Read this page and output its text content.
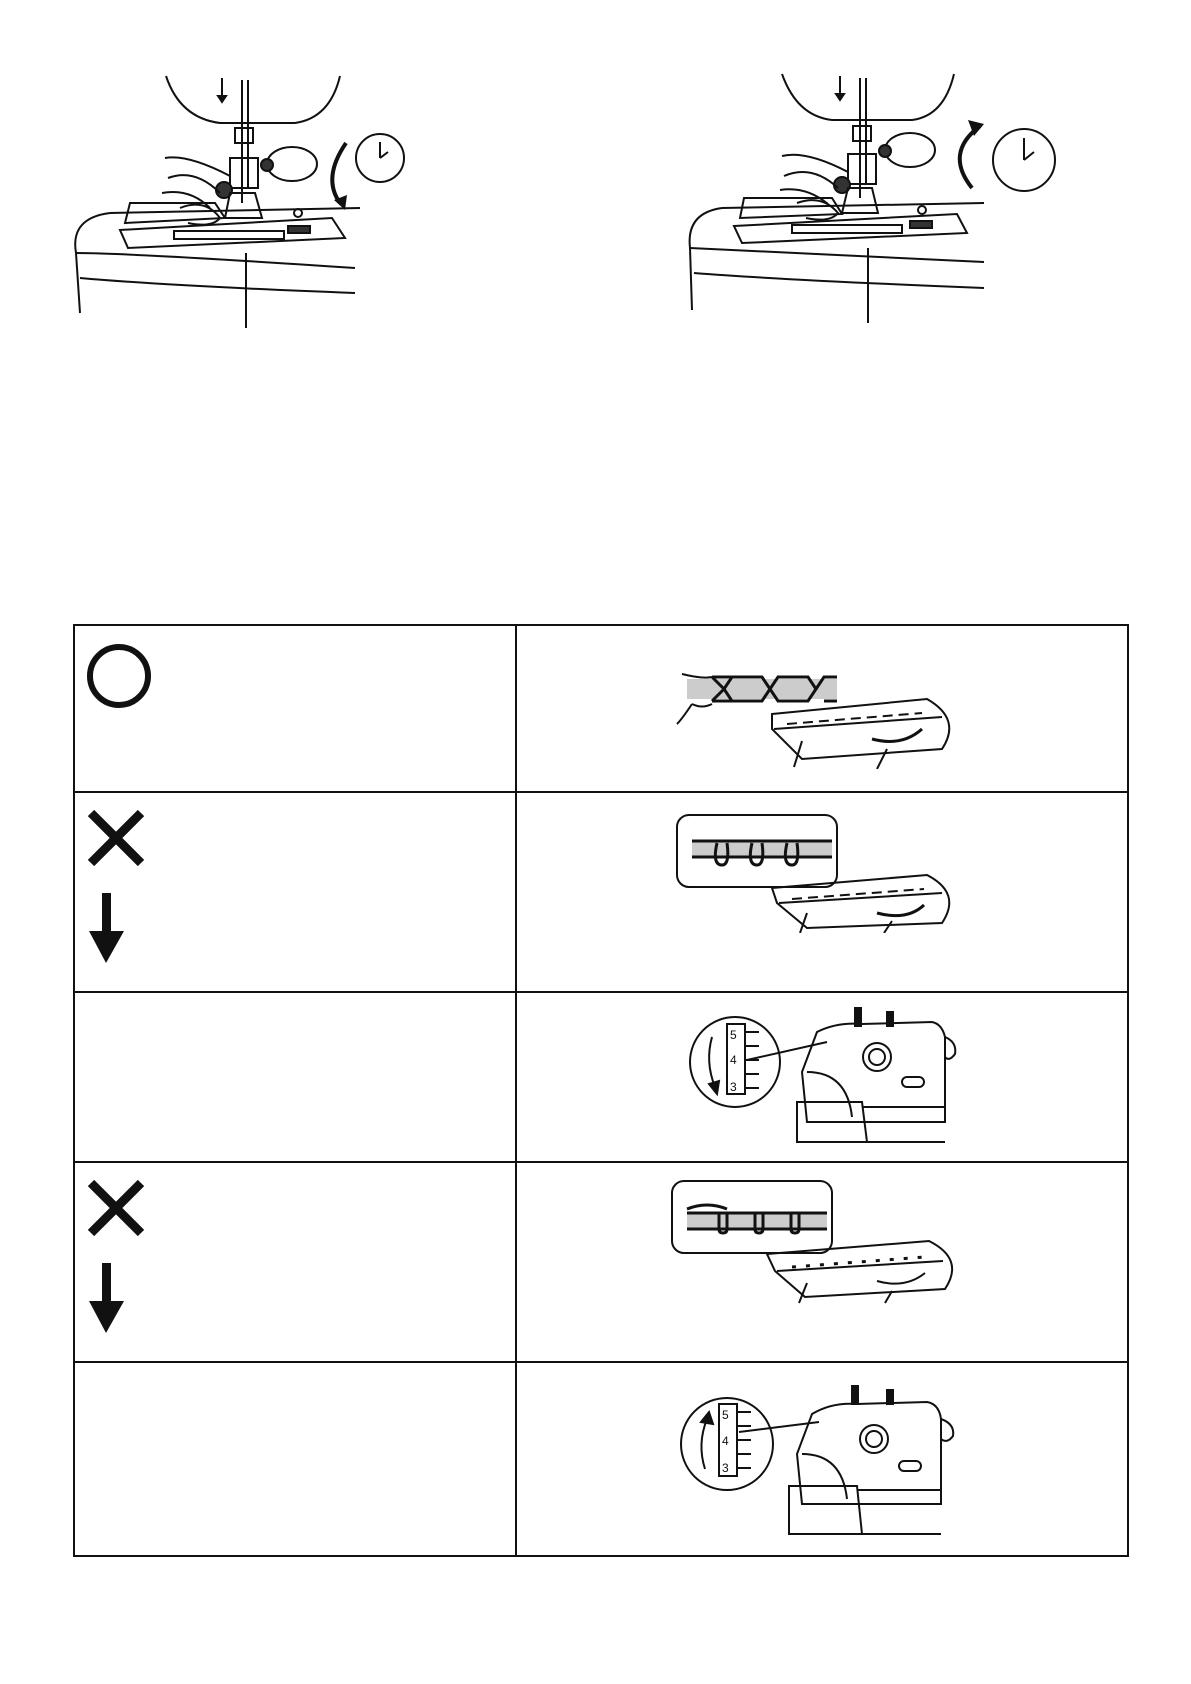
5
4
3

5
4
3
